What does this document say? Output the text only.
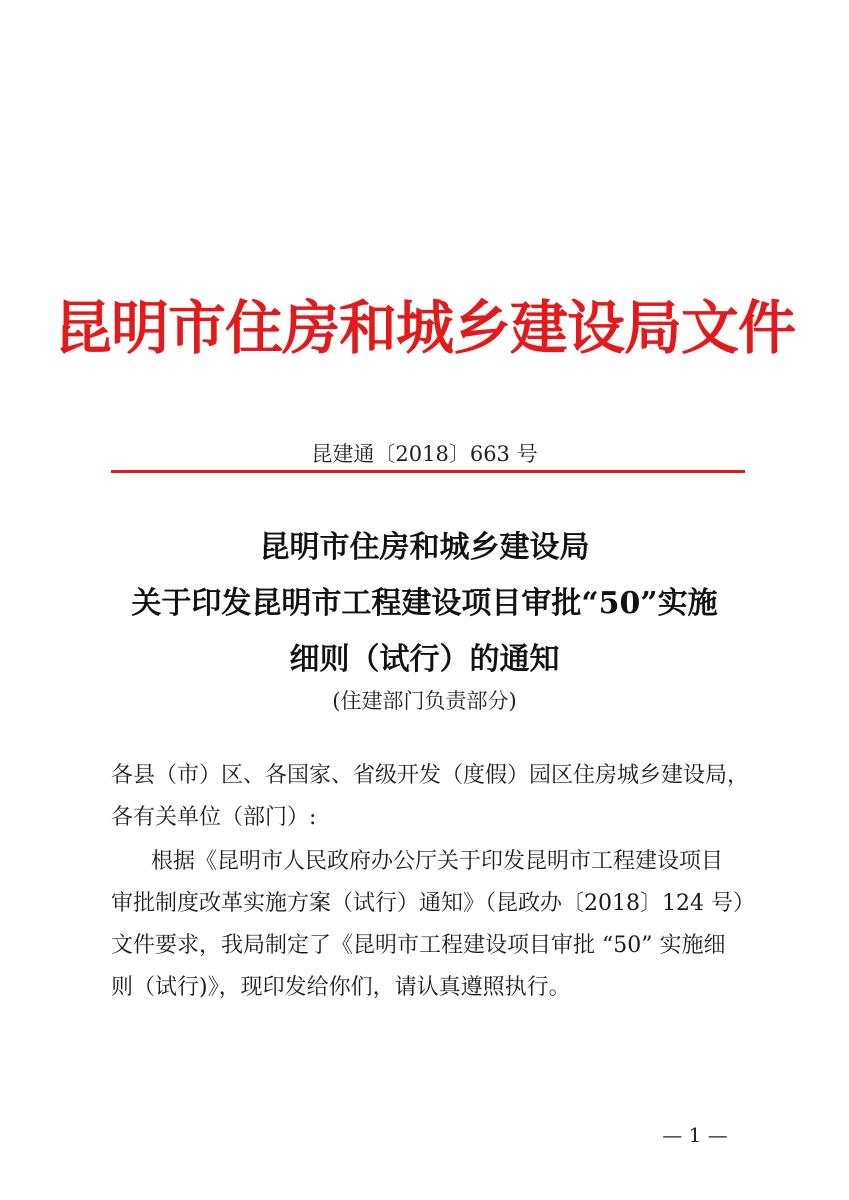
昆明市住房和城乡建设局文件
昆建通〔2018〕663 号
昆明市住房和城乡建设局
关于印发昆明市工程建设项目审批“50”实施
细则（试行）的通知
(住建部门负责部分)
各县（市）区、各国家、省级开发（度假）园区住房城乡建设局，
各有关单位（部门）:
根据《昆明市人民政府办公厅关于印发昆明市工程建设项目
审批制度改革实施方案（试行）通知》（昆政办〔2018〕124 号）
文件要求，我局制定了《昆明市工程建设项目审批 “50” 实施细
则（试行)》，现印发给你们，请认真遵照执行。
— 1 —
